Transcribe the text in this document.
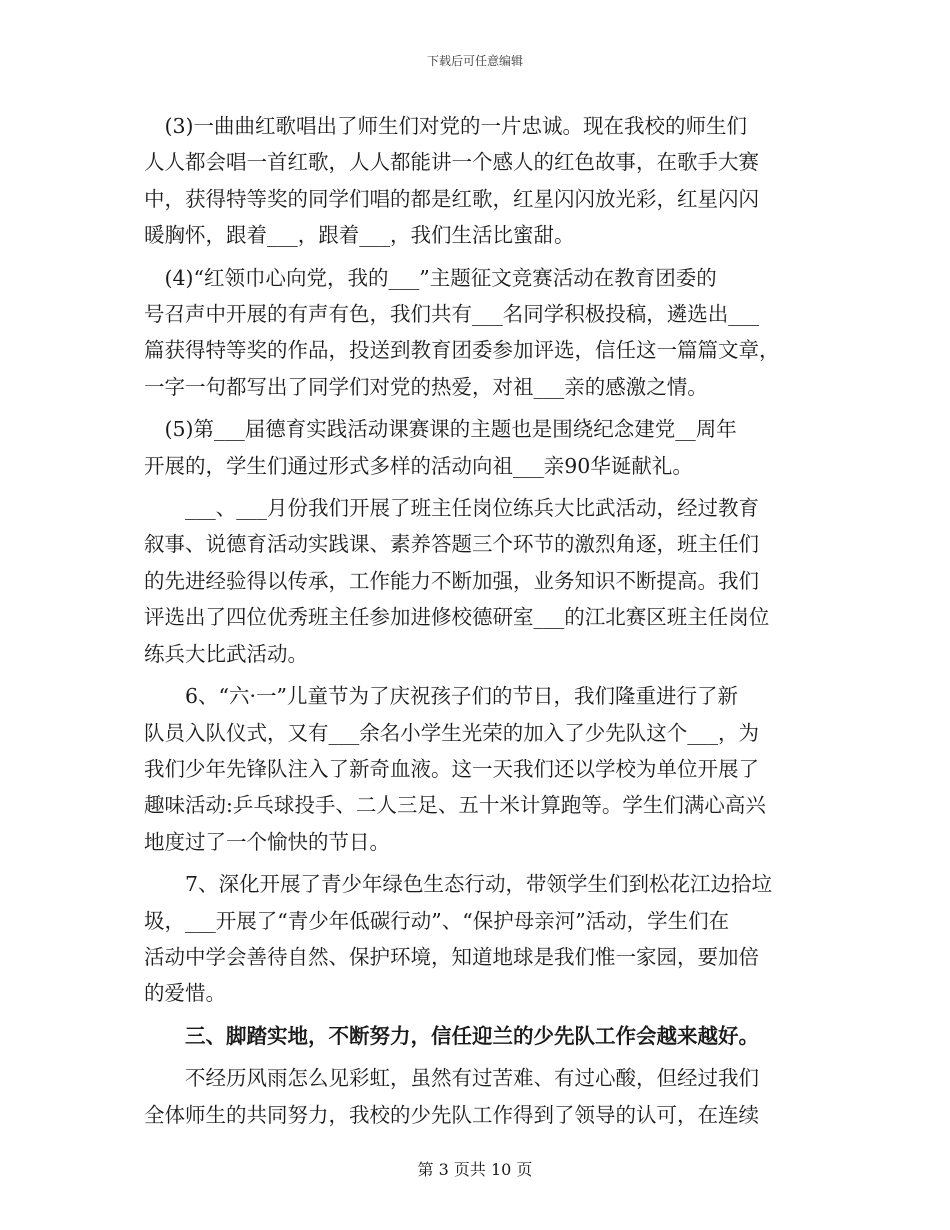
下载后可任意编辑
　(3)一曲曲红歌唱出了师生们对党的一片忠诚。现在我校的师生们
人人都会唱一首红歌，人人都能讲一个感人的红色故事，在歌手大赛
中，获得特等奖的同学们唱的都是红歌，红星闪闪放光彩，红星闪闪
暖胸怀，跟着___，跟着___，我们生活比蜜甜。
　(4)“红领巾心向党，我的___”主题征文竞赛活动在教育团委的
号召声中开展的有声有色，我们共有___名同学积极投稿，遴选出___
篇获得特等奖的作品，投送到教育团委参加评选，信任这一篇篇文章，
一字一句都写出了同学们对党的热爱，对祖___亲的感激之情。
　(5)第___届德育实践活动课赛课的主题也是围绕纪念建党__周年
开展的，学生们通过形式多样的活动向祖___亲90华诞献礼。
　　___、___月份我们开展了班主任岗位练兵大比武活动，经过教育
叙事、说德育活动实践课、素养答题三个环节的激烈角逐，班主任们
的先进经验得以传承，工作能力不断加强，业务知识不断提高。我们
评选出了四位优秀班主任参加进修校德研室___的江北赛区班主任岗位
练兵大比武活动。
　　6、“六·一”儿童节为了庆祝孩子们的节日，我们隆重进行了新
队员入队仪式，又有___余名小学生光荣的加入了少先队这个___，为
我们少年先锋队注入了新奇血液。这一天我们还以学校为单位开展了
趣味活动:乒乓球投手、二人三足、五十米计算跑等。学生们满心高兴
地度过了一个愉快的节日。
　　7、深化开展了青少年绿色生态行动，带领学生们到松花江边拾垃
圾，___开展了“青少年低碳行动”、“保护母亲河”活动，学生们在
活动中学会善待自然、保护环境，知道地球是我们惟一家园，要加倍
的爱惜。
　　三、脚踏实地，不断努力，信任迎兰的少先队工作会越来越好。
　　不经历风雨怎么见彩虹，虽然有过苦难、有过心酸，但经过我们
全体师生的共同努力，我校的少先队工作得到了领导的认可，在连续
第 3 页共 10 页
